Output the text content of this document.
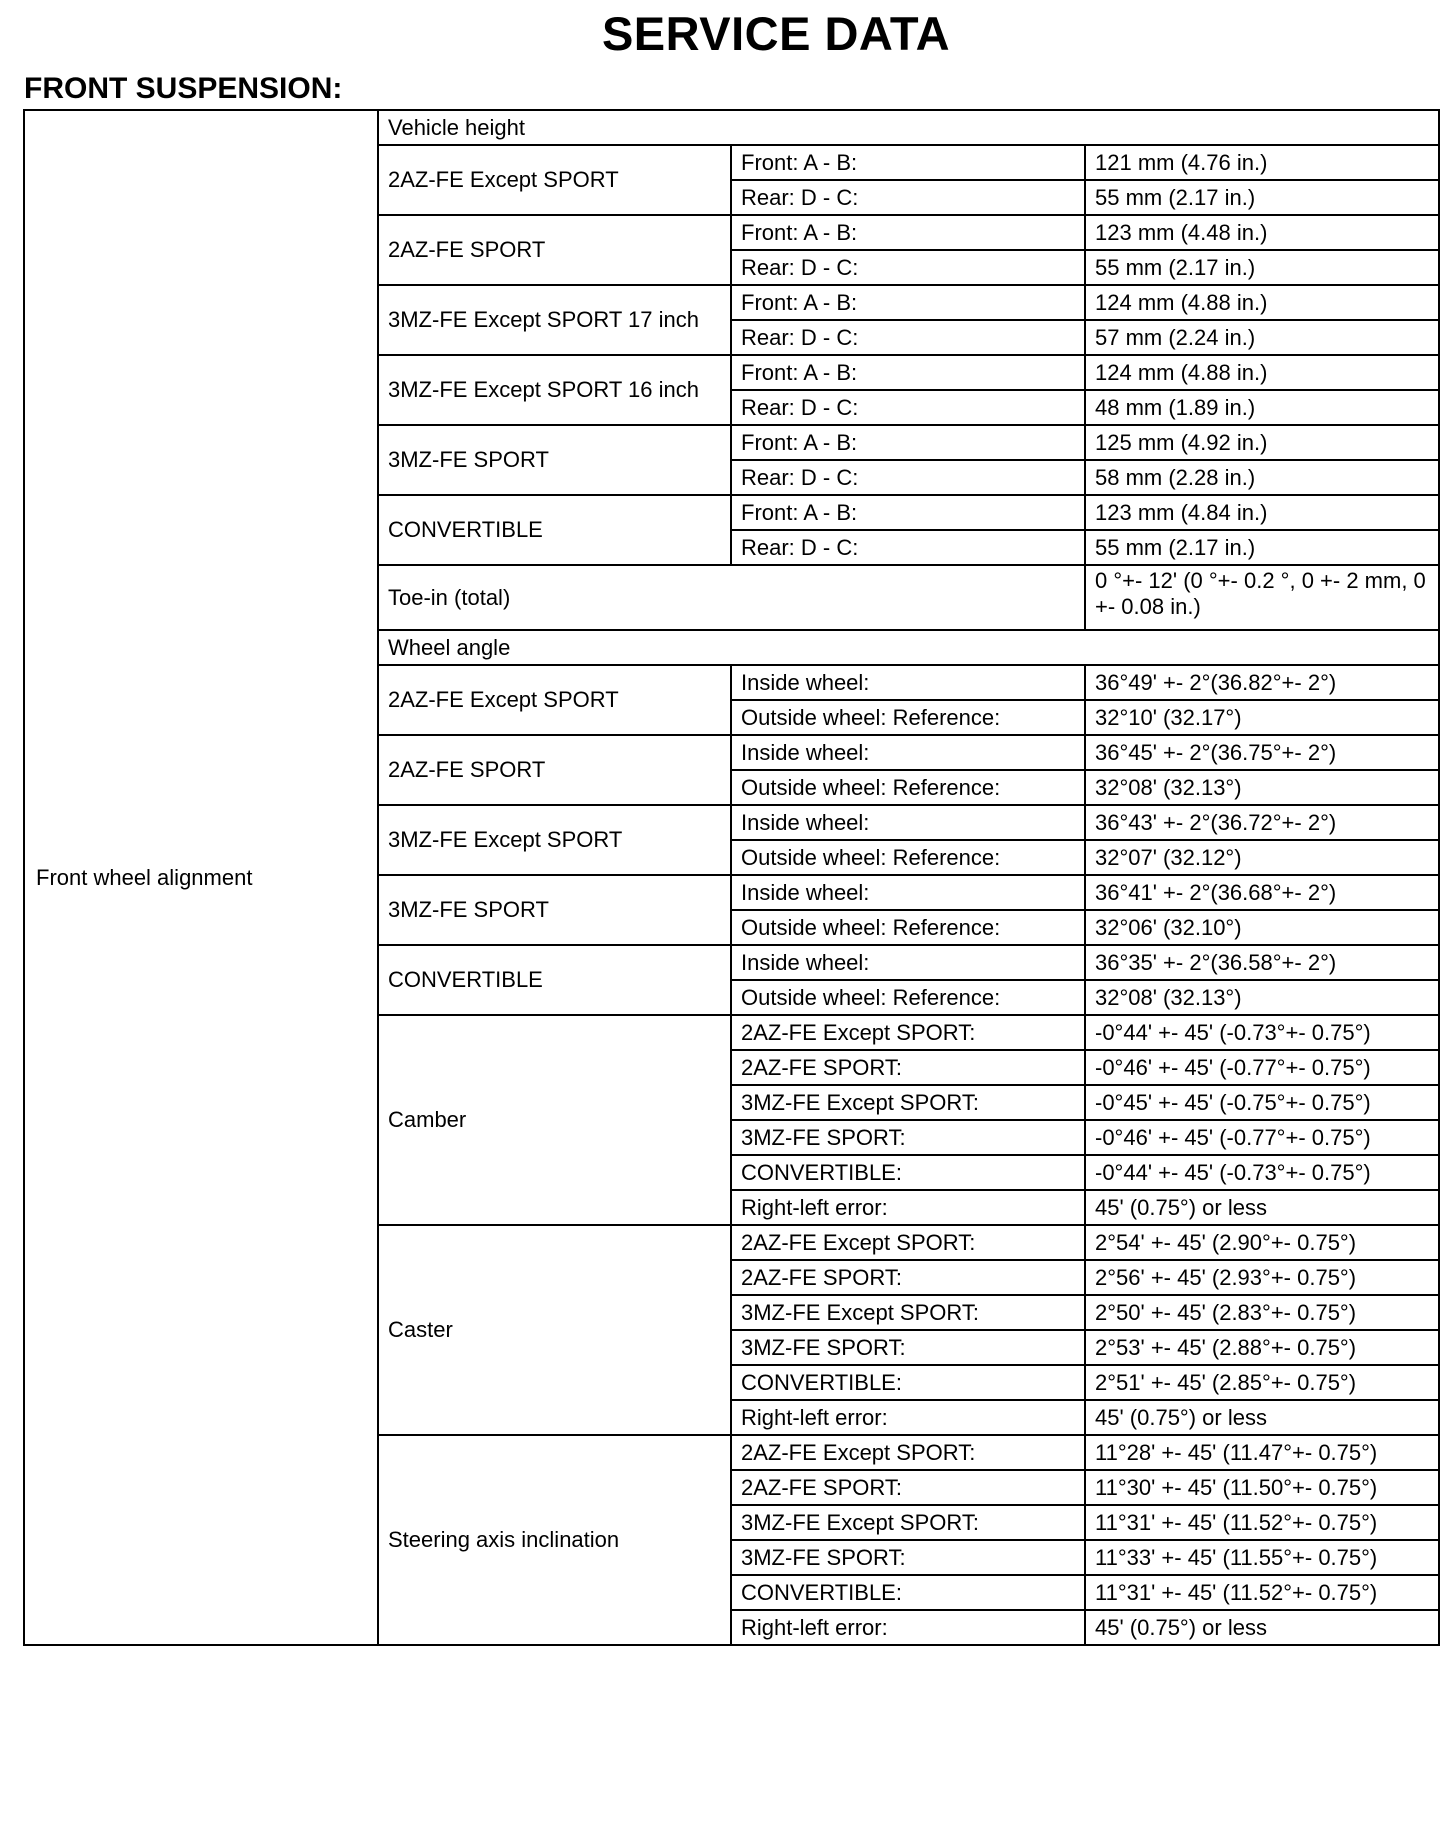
SERVICE DATA
FRONT SUSPENSION:
Front wheel alignment	Vehicle height		
	2AZ-FE Except SPORT	Front: A - B:	121 mm (4.76 in.)
		Rear: D - C:	55 mm (2.17 in.)
	2AZ-FE SPORT	Front: A - B:	123 mm (4.48 in.)
		Rear: D - C:	55 mm (2.17 in.)
	3MZ-FE Except SPORT 17 inch	Front: A - B:	124 mm (4.88 in.)
		Rear: D - C:	57 mm (2.24 in.)
	3MZ-FE Except SPORT 16 inch	Front: A - B:	124 mm (4.88 in.)
		Rear: D - C:	48 mm (1.89 in.)
	3MZ-FE SPORT	Front: A - B:	125 mm (4.92 in.)
		Rear: D - C:	58 mm (2.28 in.)
	CONVERTIBLE	Front: A - B:	123 mm (4.84 in.)
		Rear: D - C:	55 mm (2.17 in.)
	Toe-in (total)		0 °+- 12' (0 °+- 0.2 °, 0 +- 2 mm, 0 +- 0.08 in.)
	Wheel angle		
	2AZ-FE Except SPORT	Inside wheel:	36°49' +- 2°(36.82°+- 2°)
		Outside wheel: Reference:	32°10' (32.17°)
	2AZ-FE SPORT	Inside wheel:	36°45' +- 2°(36.75°+- 2°)
		Outside wheel: Reference:	32°08' (32.13°)
	3MZ-FE Except SPORT	Inside wheel:	36°43' +- 2°(36.72°+- 2°)
		Outside wheel: Reference:	32°07' (32.12°)
	3MZ-FE SPORT	Inside wheel:	36°41' +- 2°(36.68°+- 2°)
		Outside wheel: Reference:	32°06' (32.10°)
	CONVERTIBLE	Inside wheel:	36°35' +- 2°(36.58°+- 2°)
		Outside wheel: Reference:	32°08' (32.13°)
	Camber	2AZ-FE Except SPORT:	-0°44' +- 45' (-0.73°+- 0.75°)
		2AZ-FE SPORT:	-0°46' +- 45' (-0.77°+- 0.75°)
		3MZ-FE Except SPORT:	-0°45' +- 45' (-0.75°+- 0.75°)
		3MZ-FE SPORT:	-0°46' +- 45' (-0.77°+- 0.75°)
		CONVERTIBLE:	-0°44' +- 45' (-0.73°+- 0.75°)
		Right-left error:	45' (0.75°) or less
	Caster	2AZ-FE Except SPORT:	2°54' +- 45' (2.90°+- 0.75°)
		2AZ-FE SPORT:	2°56' +- 45' (2.93°+- 0.75°)
		3MZ-FE Except SPORT:	2°50' +- 45' (2.83°+- 0.75°)
		3MZ-FE SPORT:	2°53' +- 45' (2.88°+- 0.75°)
		CONVERTIBLE:	2°51' +- 45' (2.85°+- 0.75°)
		Right-left error:	45' (0.75°) or less
	Steering axis inclination	2AZ-FE Except SPORT:	11°28' +- 45' (11.47°+- 0.75°)
		2AZ-FE SPORT:	11°30' +- 45' (11.50°+- 0.75°)
		3MZ-FE Except SPORT:	11°31' +- 45' (11.52°+- 0.75°)
		3MZ-FE SPORT:	11°33' +- 45' (11.55°+- 0.75°)
		CONVERTIBLE:	11°31' +- 45' (11.52°+- 0.75°)
		Right-left error:	45' (0.75°) or less
